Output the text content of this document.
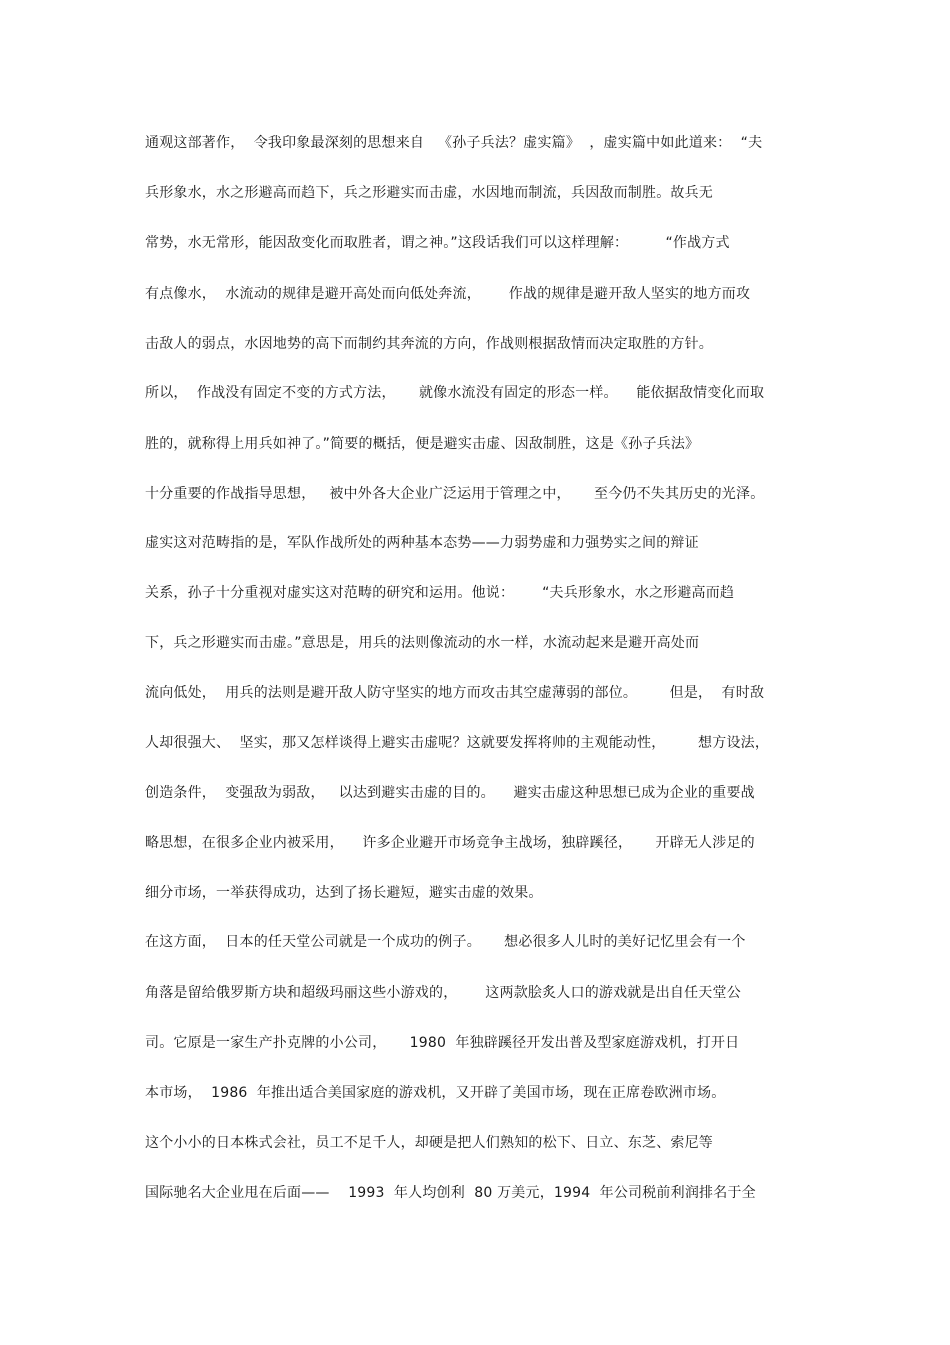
通观这部著作，  令我印象最深刻的思想来自   《孙子兵法？虚实篇》  ，虚实篇中如此道来：  “夫
兵形象水，水之形避高而趋下，兵之形避实而击虚，水因地而制流，兵因敌而制胜。故兵无
常势，水无常形，能因敌变化而取胜者，谓之神。”这段话我们可以这样理解：        “作战方式
有点像水，  水流动的规律是避开高处而向低处奔流，      作战的规律是避开敌人坚实的地方而攻
击敌人的弱点，水因地势的高下而制约其奔流的方向，作战则根据敌情而决定取胜的方针。
所以，  作战没有固定不变的方式方法，     就像水流没有固定的形态一样。    能依据敌情变化而取
胜的，就称得上用兵如神了。”简要的概括，便是避实击虚、因敌制胜，这是《孙子兵法》
十分重要的作战指导思想，   被中外各大企业广泛运用于管理之中，     至今仍不失其历史的光泽。
虚实这对范畴指的是，军队作战所处的两种基本态势——力弱势虚和力强势实之间的辩证
关系，孙子十分重视对虚实这对范畴的研究和运用。他说：      “夫兵形象水，水之形避高而趋
下，兵之形避实而击虚。”意思是，用兵的法则像流动的水一样，水流动起来是避开高处而
流向低处，  用兵的法则是避开敌人防守坚实的地方而攻击其空虚薄弱的部位。       但是，  有时敌
人却很强大、  坚实，那又怎样谈得上避实击虚呢？这就要发挥将帅的主观能动性，       想方设法，
创造条件，  变强敌为弱敌，   以达到避实击虚的目的。    避实击虚这种思想已成为企业的重要战
略思想，在很多企业内被采用，    许多企业避开市场竞争主战场，独辟蹊径，     开辟无人涉足的
细分市场，一举获得成功，达到了扬长避短，避实击虚的效果。
在这方面，  日本的任天堂公司就是一个成功的例子。     想必很多人儿时的美好记忆里会有一个
角落是留给俄罗斯方块和超级玛丽这些小游戏的，      这两款脍炙人口的游戏就是出自任天堂公
司。它原是一家生产扑克牌的小公司，     1980  年独辟蹊径开发出普及型家庭游戏机，打开日
本市场，  1986  年推出适合美国家庭的游戏机，又开辟了美国市场，现在正席卷欧洲市场。
这个小小的日本株式会社，员工不足千人，却硬是把人们熟知的松下、日立、东芝、索尼等
国际驰名大企业甩在后面——    1993  年人均创利  80 万美元，1994  年公司税前利润排名于全
